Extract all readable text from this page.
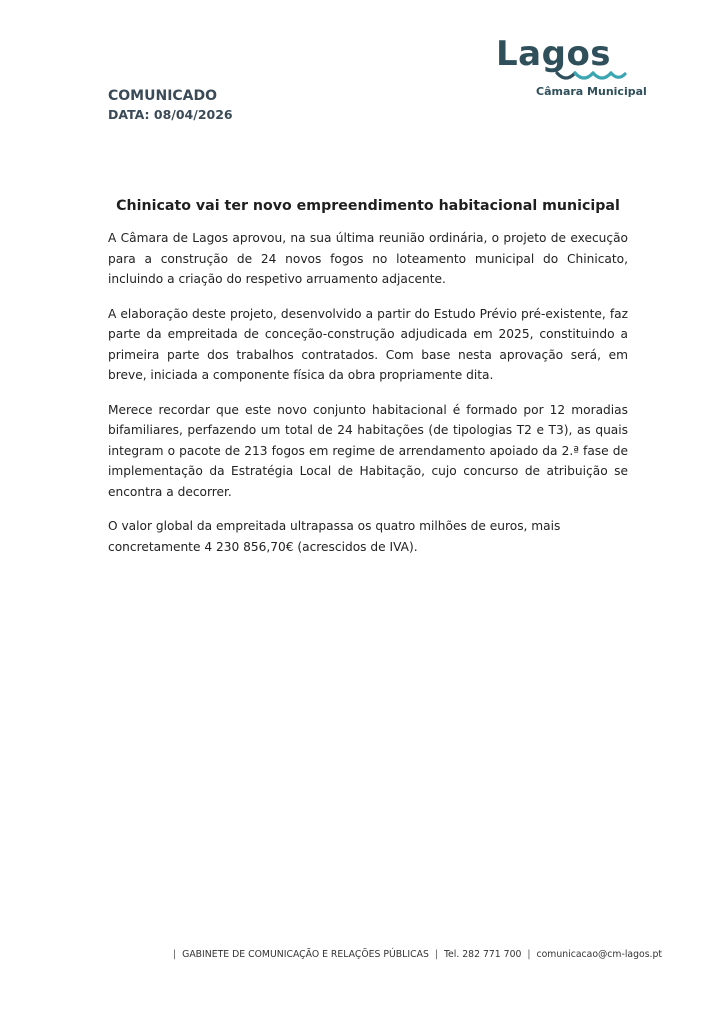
Lagos
Câmara Municipal
COMUNICADO
DATA: 08/04/2026
Chinicato vai ter novo empreendimento habitacional municipal

A Câmara de Lagos aprovou, na sua última reunião ordinária, o projeto de execução para a construção de 24 novos fogos no loteamento municipal do Chinicato, incluindo a criação do respetivo arruamento adjacente.

A elaboração deste projeto, desenvolvido a partir do Estudo Prévio pré-existente, faz parte da empreitada de conceção-construção adjudicada em 2025, constituindo a primeira parte dos trabalhos contratados. Com base nesta aprovação será, em breve, iniciada a componente física da obra propriamente dita.

Merece recordar que este novo conjunto habitacional é formado por 12 moradias bifamiliares, perfazendo um total de 24 habitações (de tipologias T2 e T3), as quais integram o pacote de 213 fogos em regime de arrendamento apoiado da 2.ª fase de implementação da Estratégia Local de Habitação, cujo concurso de atribuição se encontra a decorrer.

O valor global da empreitada ultrapassa os quatro milhões de euros, mais concretamente 4 230 856,70€ (acrescidos de IVA).

| GABINETE DE COMUNICAÇÃO E RELAÇÕES PÚBLICAS | Tel. 282 771 700 | comunicacao@cm-lagos.pt
